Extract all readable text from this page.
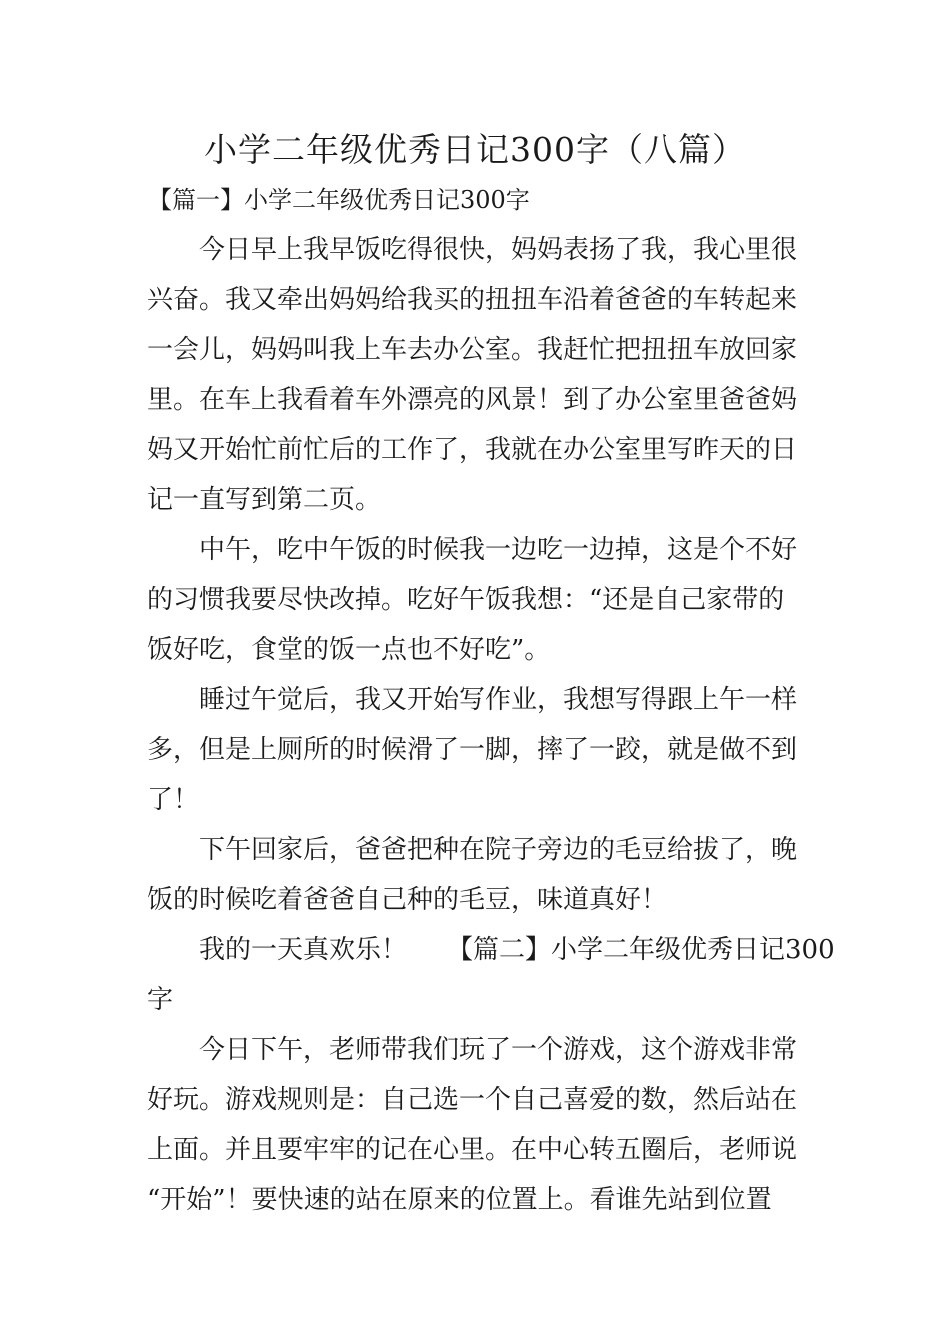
小学二年级优秀日记300字（八篇）
【篇一】小学二年级优秀日记300字

今日早上我早饭吃得很快，妈妈表扬了我，我心里很
兴奋。我又牵出妈妈给我买的扭扭车沿着爸爸的车转起来
一会儿，妈妈叫我上车去办公室。我赶忙把扭扭车放回家
里。在车上我看着车外漂亮的风景！到了办公室里爸爸妈
妈又开始忙前忙后的工作了，我就在办公室里写昨天的日
记一直写到第二页。

中午，吃中午饭的时候我一边吃一边掉，这是个不好
的习惯我要尽快改掉。吃好午饭我想：“还是自己家带的
饭好吃，食堂的饭一点也不好吃”。

睡过午觉后，我又开始写作业，我想写得跟上午一样
多，但是上厕所的时候滑了一脚，摔了一跤，就是做不到
了！

下午回家后，爸爸把种在院子旁边的毛豆给拔了，晚
饭的时候吃着爸爸自己种的毛豆，味道真好！

我的一天真欢乐！ 【篇二】小学二年级优秀日记300
字

今日下午，老师带我们玩了一个游戏，这个游戏非常
好玩。游戏规则是：自己选一个自己喜爱的数，然后站在
上面。并且要牢牢的记在心里。在中心转五圈后，老师说
“开始”！要快速的站在原来的位置上。看谁先站到位置
